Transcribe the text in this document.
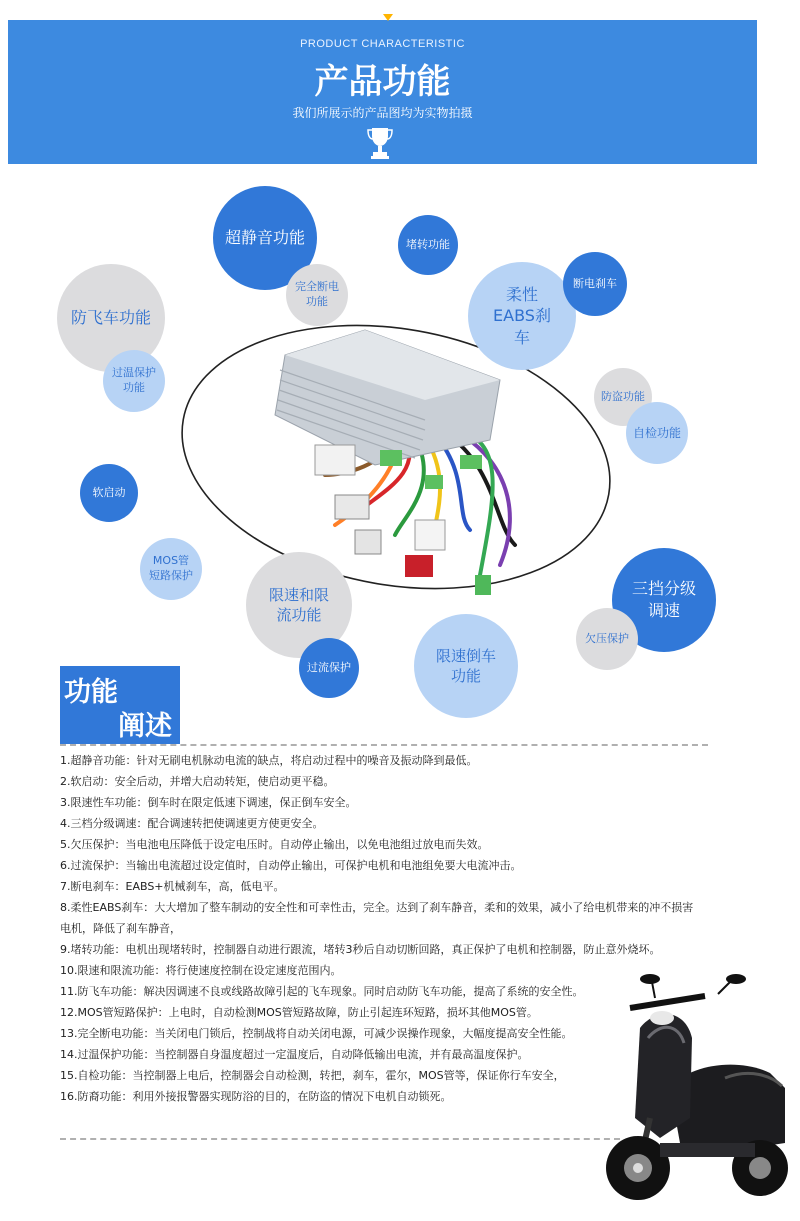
PRODUCT CHARACTERISTIC
产品功能
我们所展示的产品图均为实物拍摄
超静音功能	堵转功能
柔性EABS刹车
断电刹车
防飞车功能
完全断电功能
过温保护功能
防盗功能
自检功能
软启动
MOS管短路保护
限速和限流功能
三挡分级调速
欠压保护
限速倒车功能
过流保护
功能
阐述

1.超静音功能：针对无刷电机脉动电流的缺点，将启动过程中的噪音及振动降到最低。

2.软启动：安全后动，并增大启动转矩，使启动更平稳。

3.限速性车功能：倒车时在限定低速下调速，保正倒车安全。

4.三档分级调速：配合调速转把使调速更方使更安全。

5.欠压保护：当电池电压降低于设定电压时。自动停止输出，以免电池组过放电而失效。

6.过流保护：当输出电流超过设定值时，自动停止输出，可保护电机和电池组免要大电流冲击。

7.断电刹车：EABS+机械刹车，高，低电平。

8.柔性EABS刹车：大大增加了整车制动的安全性和可幸性击，完全。达到了刹车静音，柔和的效果，减小了给电机带来的冲不损害电机，降低了刹车静音，

9.堵转功能：电机出现堵转时，控制器自动进行跟流，堵转3秒后自动切断回路，真正保护了电机和控制器，防止意外烧坏。

10.限速和限流功能：将行使速度控制在设定速度范围内。

11.防飞车功能：解决因调速不良或线路故障引起的飞车现象。同时启动防飞车功能，提高了系统的安全性。

12.MOS管短路保护：上电时，自动检测MOS管短路故障，防止引起连环短路，损坏其他MOS管。

13.完全断电功能：当关闭电门锁后，控制战将自动关闭电源，可减少误操作现象，大幅度提高安全性能。

14.过温保护功能：当控制器自身温度超过一定温度后，自动降低输出电流，并有最高温度保护。

15.自检功能：当控制器上电后，控制器会自动检测，转把，刹车，霍尔，MOS管等，保证你行车安全，

16.防裔功能：利用外接报警器实现防浴的目的，在防盗的情况下电机自动锁死。
